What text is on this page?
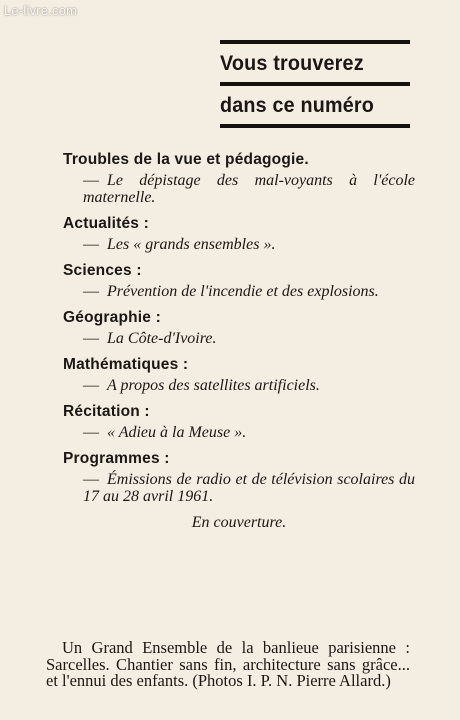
Le-livre.com
Vous trouverez
dans ce numéro
Troubles de la vue et pédagogie.
— Le dépistage des mal-voyants à l'école maternelle.
Actualités :
— Les « grands ensembles ».
Sciences :
— Prévention de l'incendie et des explosions.
Géographie :
— La Côte-d'Ivoire.
Mathématiques :
— A propos des satellites artificiels.
Récitation :
— « Adieu à la Meuse ».
Programmes :
— Émissions de radio et de télévision scolaires du 17 au 28 avril 1961.
En couverture.
Un Grand Ensemble de la banlieue parisienne : Sarcelles. Chantier sans fin, architecture sans grâce... et l'ennui des enfants. (Photos I. P. N. Pierre Allard.)
